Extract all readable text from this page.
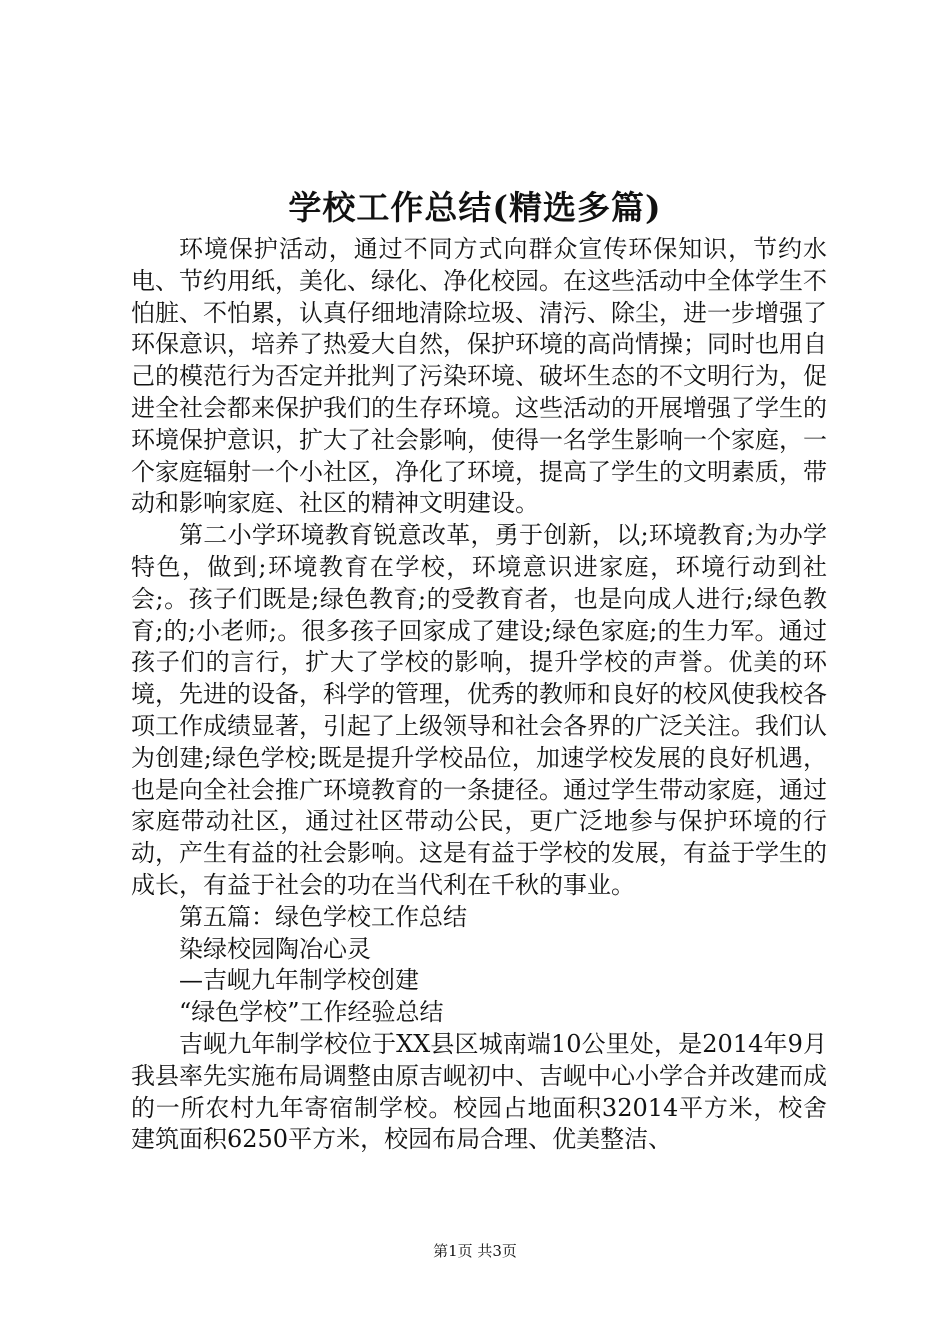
学校工作总结(精选多篇)

环境保护活动，通过不同方式向群众宣传环保知识，节约水电、节约用纸，美化、绿化、净化校园。在这些活动中全体学生不怕脏、不怕累，认真仔细地清除垃圾、清污、除尘，进一步增强了环保意识，培养了热爱大自然，保护环境的高尚情操；同时也用自己的模范行为否定并批判了污染环境、破坏生态的不文明行为，促进全社会都来保护我们的生存环境。这些活动的开展增强了学生的环境保护意识，扩大了社会影响，使得一名学生影响一个家庭，一个家庭辐射一个小社区，净化了环境，提高了学生的文明素质，带动和影响家庭、社区的精神文明建设。

第二小学环境教育锐意改革，勇于创新，以;环境教育;为办学特色，做到;环境教育在学校，环境意识进家庭，环境行动到社会;。孩子们既是;绿色教育;的受教育者，也是向成人进行;绿色教育;的;小老师;。很多孩子回家成了建设;绿色家庭;的生力军。通过孩子们的言行，扩大了学校的影响，提升学校的声誉。优美的环境，先进的设备，科学的管理，优秀的教师和良好的校风使我校各项工作成绩显著，引起了上级领导和社会各界的广泛关注。我们认为创建;绿色学校;既是提升学校品位，加速学校发展的良好机遇，也是向全社会推广环境教育的一条捷径。通过学生带动家庭，通过家庭带动社区，通过社区带动公民，更广泛地参与保护环境的行动，产生有益的社会影响。这是有益于学校的发展，有益于学生的成长，有益于社会的功在当代利在千秋的事业。

第五篇：绿色学校工作总结

染绿校园陶冶心灵

—吉岘九年制学校创建

“绿色学校”工作经验总结

吉岘九年制学校位于XX县区城南端10公里处，是2014年9月我县率先实施布局调整由原吉岘初中、吉岘中心小学合并改建而成的一所农村九年寄宿制学校。校园占地面积32014平方米，校舍建筑面积6250平方米，校园布局合理、优美整洁、

第1页 共3页
